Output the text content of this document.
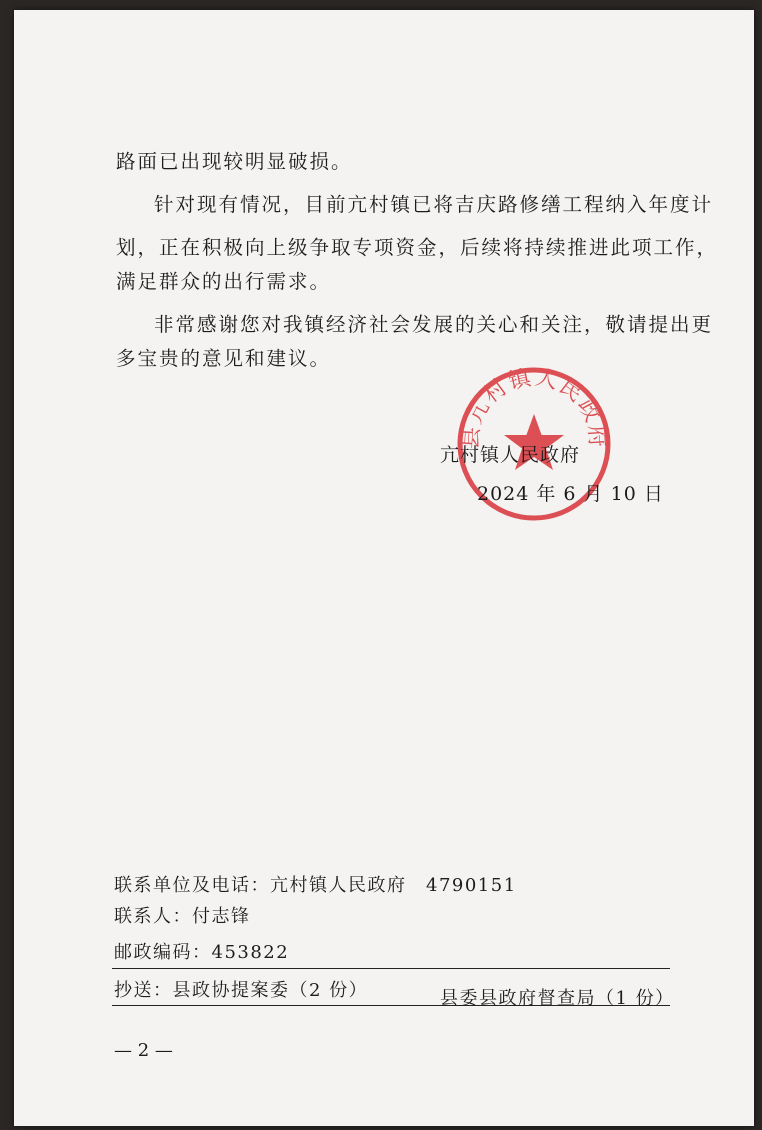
路面已出现较明显破损。
针对现有情况，目前亢村镇已将吉庆路修缮工程纳入年度计
划，正在积极向上级争取专项资金，后续将持续推进此项工作，
满足群众的出行需求。
非常感谢您对我镇经济社会发展的关心和关注，敬请提出更
多宝贵的意见和建议。
县亢村镇人民政府
亢村镇人民政府
2024 年 6 月 10 日
联系单位及电话：亢村镇人民政府　4790151
联系人：付志锋
邮政编码：453822
抄送：县政协提案委（2 份）	县委县政府督查局（1 份）
— 2 —
